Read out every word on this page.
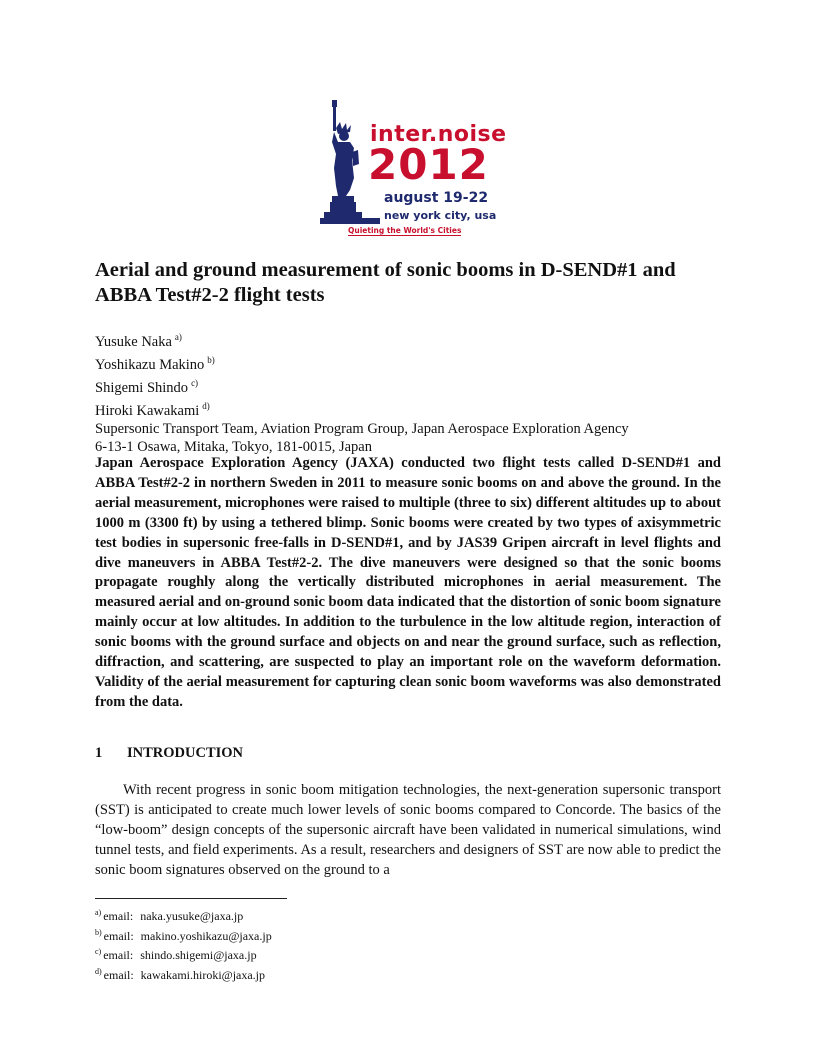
inter.noise
2012
august 19-22
new york city, usa
Quieting the World's Cities
Aerial and ground measurement of sonic booms in D-SEND#1 and ABBA Test#2-2 flight tests
Yusuke Naka $^{a)}$
Yoshikazu Makino $^{b)}$
Shigemi Shindo $^{c)}$
Hiroki Kawakami $^{d)}$
Supersonic Transport Team, Aviation Program Group, Japan Aerospace Exploration Agency
6-13-1 Osawa, Mitaka, Tokyo, 181-0015, Japan

Japan Aerospace Exploration Agency (JAXA) conducted two flight tests called D-SEND#1 and ABBA Test#2-2 in northern Sweden in 2011 to measure sonic booms on and above the ground. In the aerial measurement, microphones were raised to multiple (three to six) different altitudes up to about 1000 m (3300 ft) by using a tethered blimp. Sonic booms were created by two types of axisymmetric test bodies in supersonic free-falls in D-SEND#1, and by JAS39 Gripen aircraft in level flights and dive maneuvers in ABBA Test#2-2. The dive maneuvers were designed so that the sonic booms propagate roughly along the vertically distributed microphones in aerial measurement. The measured aerial and on-ground sonic boom data indicated that the distortion of sonic boom signature mainly occur at low altitudes. In addition to the turbulence in the low altitude region, interaction of sonic booms with the ground surface and objects on and near the ground surface, such as reflection, diffraction, and scattering, are suspected to play an important role on the waveform deformation. Validity of the aerial measurement for capturing clean sonic boom waveforms was also demonstrated from the data.

1 INTRODUCTION

With recent progress in sonic boom mitigation technologies, the next-generation supersonic transport (SST) is anticipated to create much lower levels of sonic booms compared to Concorde. The basics of the “low-boom” design concepts of the supersonic aircraft have been validated in numerical simulations, wind tunnel tests, and field experiments. As a result, researchers and designers of SST are now able to predict the sonic boom signatures observed on the ground to a

$^{a)}$ email: naka.yusuke@jaxa.jp
$^{b)}$ email: makino.yoshikazu@jaxa.jp
$^{c)}$ email: shindo.shigemi@jaxa.jp
$^{d)}$ email: kawakami.hiroki@jaxa.jp
